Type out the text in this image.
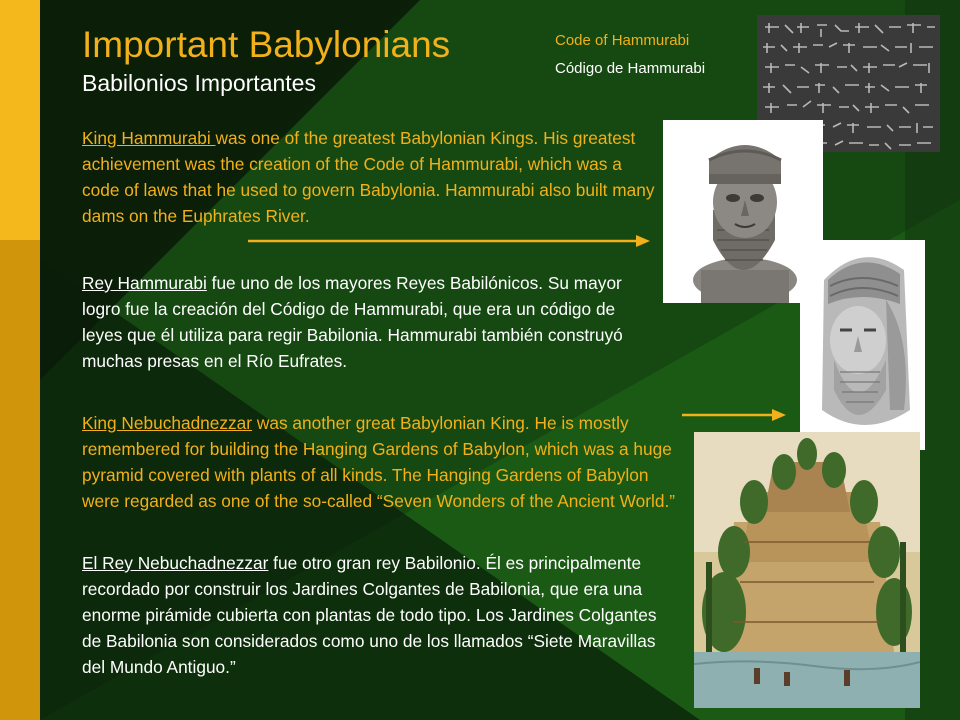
Important Babylonians
Babilonios Importantes
Code of Hammurabi
Código de Hammurabi

King Hammurabi was one of the greatest Babylonian Kings. His greatest achievement was the creation of the Code of Hammurabi, which was a code of laws that he used to govern Babylonia. Hammurabi also built many dams on the Euphrates River.

Rey Hammurabi fue uno de los mayores Reyes Babilónicos. Su mayor logro fue la creación del Código de Hammurabi, que era un código de leyes que él utiliza para regir Babilonia. Hammurabi también construyó muchas presas en el Río Eufrates.

King Nebuchadnezzar was another great Babylonian King. He is mostly remembered for building the Hanging Gardens of Babylon, which was a huge pyramid covered with plants of all kinds. The Hanging Gardens of Babylon were regarded as one of the so-called “Seven Wonders of the Ancient World.”

El Rey Nebuchadnezzar fue otro gran rey Babilonio. Él es principalmente recordado por construir los Jardines Colgantes de Babilonia, que era una enorme pirámide cubierta con plantas de todo tipo. Los Jardines Colgantes de Babilonia son considerados como uno de los llamados “Siete Maravillas del Mundo Antiguo.”
